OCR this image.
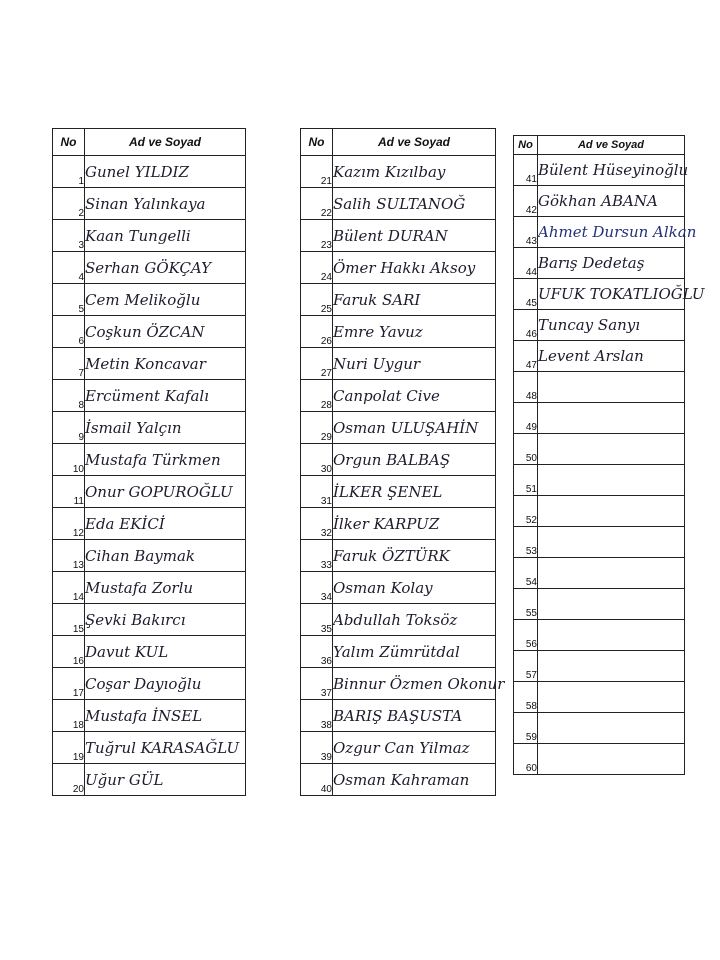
No	Ad ve Soyad
1	Gunel YILDIZ
2	Sinan Yalınkaya
3	Kaan Tungelli
4	Serhan GÖKÇAY
5	Cem Melikoğlu
6	Coşkun ÖZCAN
7	Metin Koncavar
8	Ercüment Kafalı
9	İsmail Yalçın
10	Mustafa Türkmen
11	Onur GOPUROĞLU
12	Eda EKİCİ
13	Cihan Baymak
14	Mustafa Zorlu
15	Şevki Bakırcı
16	Davut KUL
17	Coşar Dayıoğlu
18	Mustafa İNSEL
19	Tuğrul KARASAĞLU
20	Uğur GÜL
No	Ad ve Soyad
21	Kazım Kızılbay
22	Salih SULTANOĞ
23	Bülent DURAN
24	Ömer Hakkı Aksoy
25	Faruk SARI
26	Emre Yavuz
27	Nuri Uygur
28	Canpolat Cive
29	Osman ULUŞAHİN
30	Orgun BALBAŞ
31	İLKER ŞENEL
32	İlker KARPUZ
33	Faruk ÖZTÜRK
34	Osman Kolay
35	Abdullah Toksöz
36	Yalım Zümrütdal
37	Binnur Özmen Okonur
38	BARIŞ BAŞUSTA
39	Ozgur Can Yilmaz
40	Osman Kahraman
No	Ad ve Soyad
41	Bülent Hüseyinoğlu
42	Gökhan ABANA
43	Ahmet Dursun Alkan
44	Barış Dedetaş
45	UFUK TOKATLIOĞLU
46	Tuncay Sanyı
47	Levent Arslan
48	
49	
50	
51	
52	
53	
54	
55	
56	
57	
58	
59	
60	
